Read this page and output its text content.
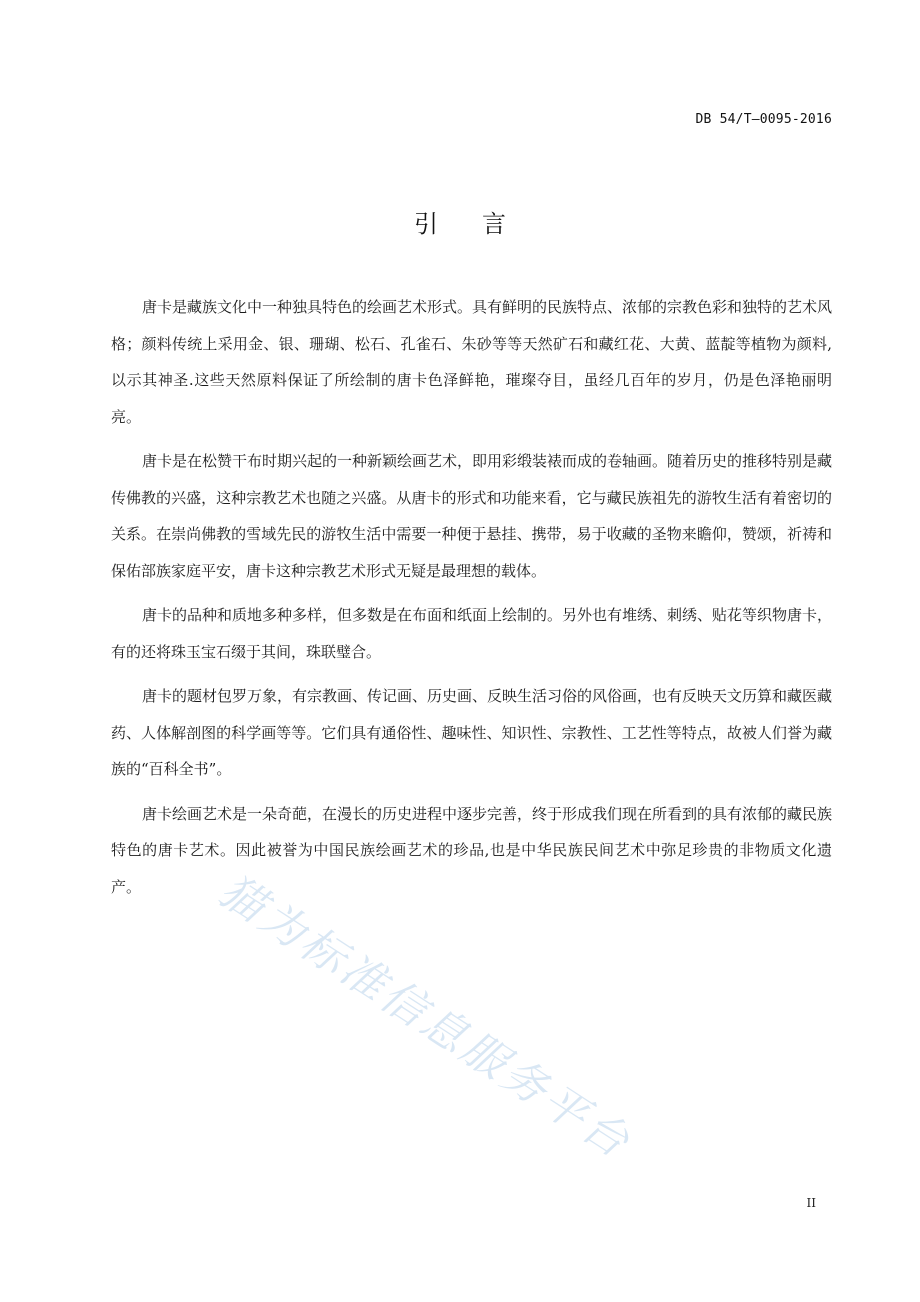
DB 54/T—0095-2016
引言

唐卡是藏族文化中一种独具特色的绘画艺术形式。具有鲜明的民族特点、浓郁的宗教色彩和独特的艺术风格；颜料传统上采用金、银、珊瑚、松石、孔雀石、朱砂等等天然矿石和藏红花、大黄、蓝靛等植物为颜料,以示其神圣.这些天然原料保证了所绘制的唐卡色泽鲜艳，璀璨夺目，虽经几百年的岁月，仍是色泽艳丽明亮。

唐卡是在松赞干布时期兴起的一种新颖绘画艺术，即用彩缎装裱而成的卷轴画。随着历史的推移特别是藏传佛教的兴盛，这种宗教艺术也随之兴盛。从唐卡的形式和功能来看，它与藏民族祖先的游牧生活有着密切的关系。在崇尚佛教的雪域先民的游牧生活中需要一种便于悬挂、携带，易于收藏的圣物来瞻仰，赞颂，祈祷和保佑部族家庭平安，唐卡这种宗教艺术形式无疑是最理想的载体。

唐卡的品种和质地多种多样，但多数是在布面和纸面上绘制的。另外也有堆绣、刺绣、贴花等织物唐卡，有的还将珠玉宝石缀于其间，珠联璧合。

唐卡的题材包罗万象，有宗教画、传记画、历史画、反映生活习俗的风俗画，也有反映天文历算和藏医藏药、人体解剖图的科学画等等。它们具有通俗性、趣味性、知识性、宗教性、工艺性等特点，故被人们誉为藏族的“百科全书”。

唐卡绘画艺术是一朵奇葩，在漫长的历史进程中逐步完善，终于形成我们现在所看到的具有浓郁的藏民族特色的唐卡艺术。因此被誉为中国民族绘画艺术的珍品,也是中华民族民间艺术中弥足珍贵的非物质文化遗产。	猫为标准信息服务平台
II
